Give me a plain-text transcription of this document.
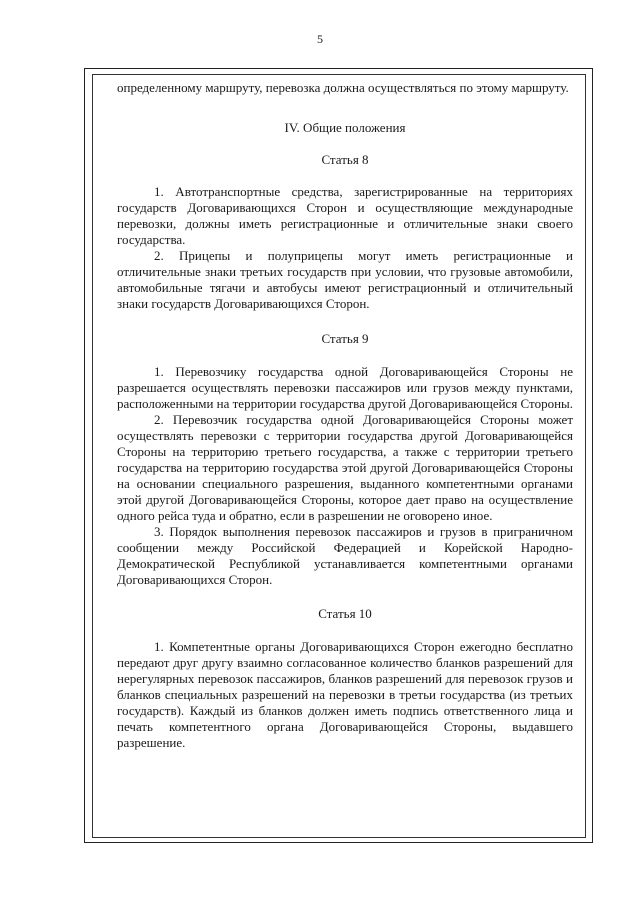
5

определенному маршруту, перевозка должна осуществляться по этому маршруту.

IV. Общие положения

Статья 8

1. Автотранспортные средства, зарегистрированные на территориях государств Договаривающихся Сторон и осуществляющие международные перевозки, должны иметь регистрационные и отличительные знаки своего государства.

2. Прицепы и полуприцепы могут иметь регистрационные и отличительные знаки третьих государств при условии, что грузовые автомобили, автомобильные тягачи и автобусы имеют регистрационный и отличительный знаки государств Договаривающихся Сторон.

Статья 9

1. Перевозчику государства одной Договаривающейся Стороны не разрешается осуществлять перевозки пассажиров или грузов между пунктами, расположенными на территории государства другой Договаривающейся Стороны.

2. Перевозчик государства одной Договаривающейся Стороны может осуществлять перевозки с территории государства другой Договаривающейся Стороны на территорию третьего государства, а также с территории третьего государства на территорию государства этой другой Договаривающейся Стороны на основании специального разрешения, выданного компетентными органами этой другой Договаривающейся Стороны, которое дает право на осуществление одного рейса туда и обратно, если в разрешении не оговорено иное.

3. Порядок выполнения перевозок пассажиров и грузов в приграничном сообщении между Российской Федерацией и Корейской Народно-Демократической Республикой устанавливается компетентными органами Договаривающихся Сторон.

Статья 10

1. Компетентные органы Договаривающихся Сторон ежегодно бесплатно передают друг другу взаимно согласованное количество бланков разрешений для нерегулярных перевозок пассажиров, бланков разрешений для перевозок грузов и бланков специальных разрешений на перевозки в третьи государства (из третьих государств). Каждый из бланков должен иметь подпись ответственного лица и печать компетентного органа Договаривающейся Стороны, выдавшего разрешение.
